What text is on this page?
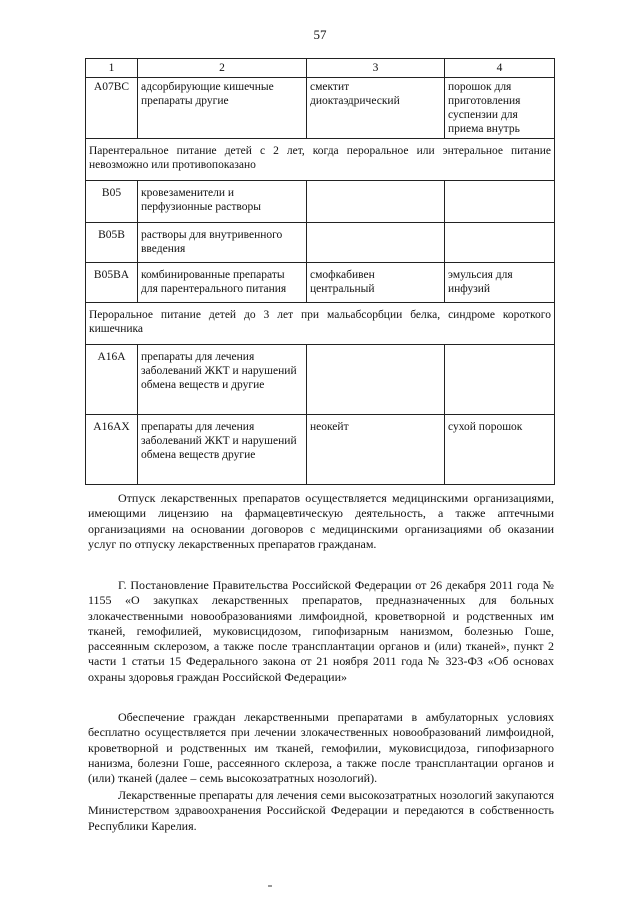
57
1	2	3	4
A07BC	адсорбирующие кишечные препараты другие	смектит диоктаэдрический	порошок для приготовления суспензии для приема внутрь
Парентеральное питание детей с 2 лет, когда пероральное или энтеральное питание невозможно или противопоказано			
B05	кровезаменители и перфузионные растворы		
B05B	растворы для внутривенного введения		
B05BA	комбинированные препараты для парентерального питания	смофкабивен центральный	эмульсия для инфузий
Пероральное питание детей до 3 лет при мальабсорбции белка, синдроме короткого кишечника			
A16A	препараты для лечения заболеваний ЖКТ и нарушений обмена веществ и другие		
A16AX	препараты для лечения заболеваний ЖКТ и нарушений обмена веществ другие	неокейт	сухой порошок

Отпуск лекарственных препаратов осуществляется медицинскими организациями, имеющими лицензию на фармацевтическую деятельность, а также аптечными организациями на основании договоров с медицинскими организациями об оказании услуг по отпуску лекарственных препаратов гражданам.

Г. Постановление Правительства Российской Федерации от 26 декабря 2011 года № 1155 «О закупках лекарственных препаратов, предназначенных для больных злокачественными новообразованиями лимфоидной, кроветворной и родственных им тканей, гемофилией, муковисцидозом, гипофизарным нанизмом, болезнью Гоше, рассеянным склерозом, а также после трансплантации органов и (или) тканей», пункт 2 части 1 статьи 15 Федерального закона от 21 ноября 2011 года № 323-ФЗ «Об основах охраны здоровья граждан Российской Федерации»

Обеспечение граждан лекарственными препаратами в амбулаторных условиях бесплатно осуществляется при лечении злокачественных новообразований лимфоидной, кроветворной и родственных им тканей, гемофилии, муковисцидоза, гипофизарного нанизма, болезни Гоше, рассеянного склероза, а также после трансплантации органов и (или) тканей (далее – семь высокозатратных нозологий).

Лекарственные препараты для лечения семи высокозатратных нозологий закупаются Министерством здравоохранения Российской Федерации и передаются в собственность Республики Карелия.
